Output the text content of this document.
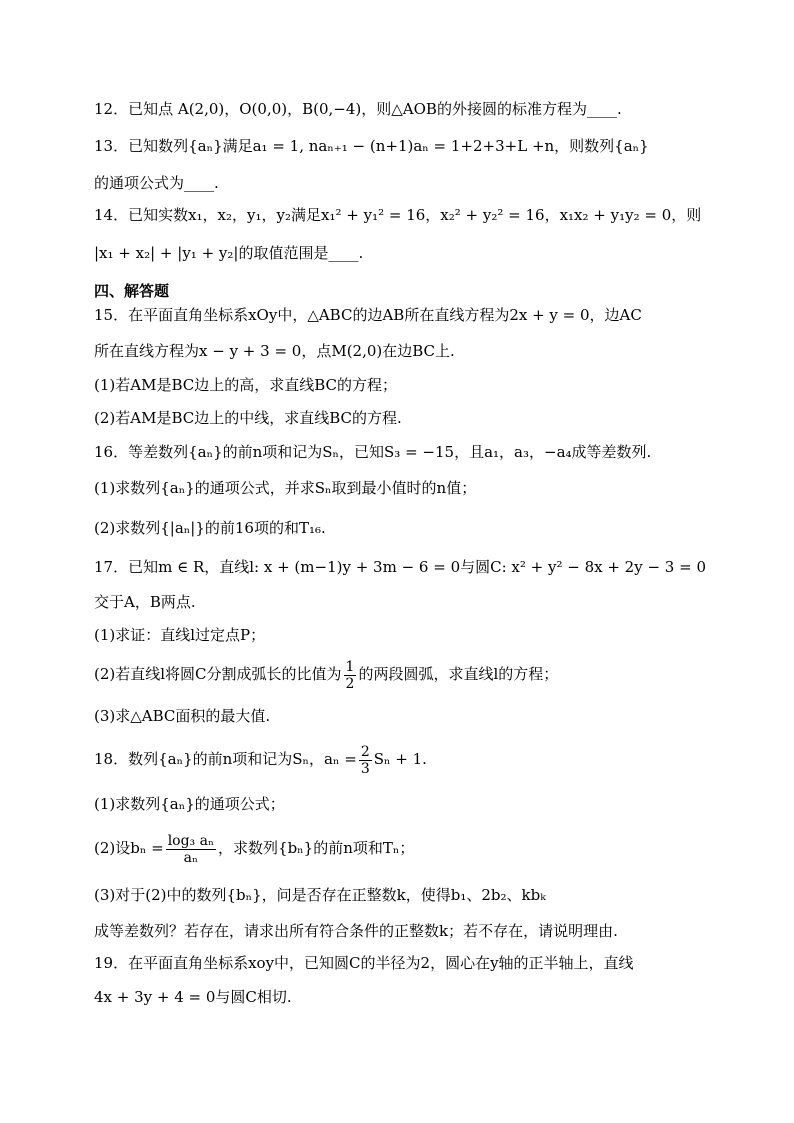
12．已知点 A(2,0)，O(0,0)，B(0,−4)，则△AOB的外接圆的标准方程为____.
13．已知数列{aₙ}满足a₁ = 1, naₙ₊₁ − (n+1)aₙ = 1+2+3+L +n，则数列{aₙ}
的通项公式为____.
14．已知实数x₁，x₂，y₁，y₂满足x₁² + y₁² = 16，x₂² + y₂² = 16，x₁x₂ + y₁y₂ = 0，则
|x₁ + x₂| + |y₁ + y₂|的取值范围是____.
四、解答题
15．在平面直角坐标系xOy中，△ABC的边AB所在直线方程为2x + y = 0，边AC
所在直线方程为x − y + 3 = 0，点M(2,0)在边BC上.
(1)若AM是BC边上的高，求直线BC的方程；
(2)若AM是BC边上的中线，求直线BC的方程.
16．等差数列{aₙ}的前n项和记为Sₙ，已知S₃ = −15，且a₁，a₃，−a₄成等差数列.
(1)求数列{aₙ}的通项公式，并求Sₙ取到最小值时的n值；
(2)求数列{|aₙ|}的前16项的和T₁₆.
17．已知m ∈ R，直线l: x + (m−1)y + 3m − 6 = 0与圆C: x² + y² − 8x + 2y − 3 = 0
交于A，B两点.
(1)求证：直线l过定点P；
(2)若直线l将圆C分割成弧长的比值为 $\frac{1}{2}$ 的两段圆弧，求直线l的方程；
(3)求△ABC面积的最大值.
18．数列{aₙ}的前n项和记为Sₙ，$a_n = \frac{2}{3}$ Sₙ + 1.
(1)求数列{aₙ}的通项公式；
(2)设$b_n = \frac{\text{log₃ aₙ}}{\text{aₙ}}$ ，求数列{bₙ}的前n项和Tₙ；
(3)对于(2)中的数列{bₙ}，问是否存在正整数k，使得b₁、2b₂、kbₖ
成等差数列？若存在，请求出所有符合条件的正整数k；若不存在，请说明理由.
19．在平面直角坐标系xoy中，已知圆C的半径为2，圆心在y轴的正半轴上，直线
4x + 3y + 4 = 0与圆C相切.
